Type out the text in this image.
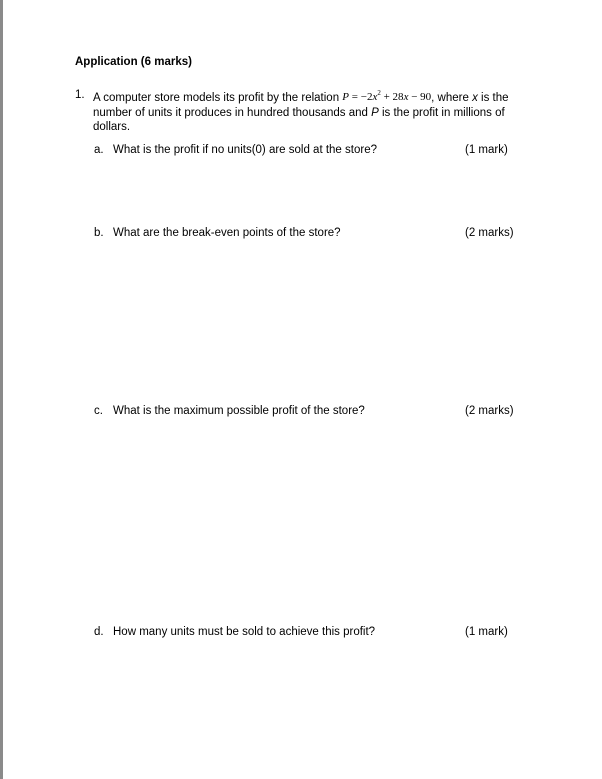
Application (6 marks)
1. A computer store models its profit by the relation $P = -2x^2 + 28x - 90$, where x is the number of units it produces in hundred thousands and P is the profit in millions of dollars.
a. What is the profit if no units(0) are sold at the store?	(1 mark)
b. What are the break-even points of the store?	(2 marks)
c. What is the maximum possible profit of the store?	(2 marks)
d. How many units must be sold to achieve this profit?	(1 mark)
